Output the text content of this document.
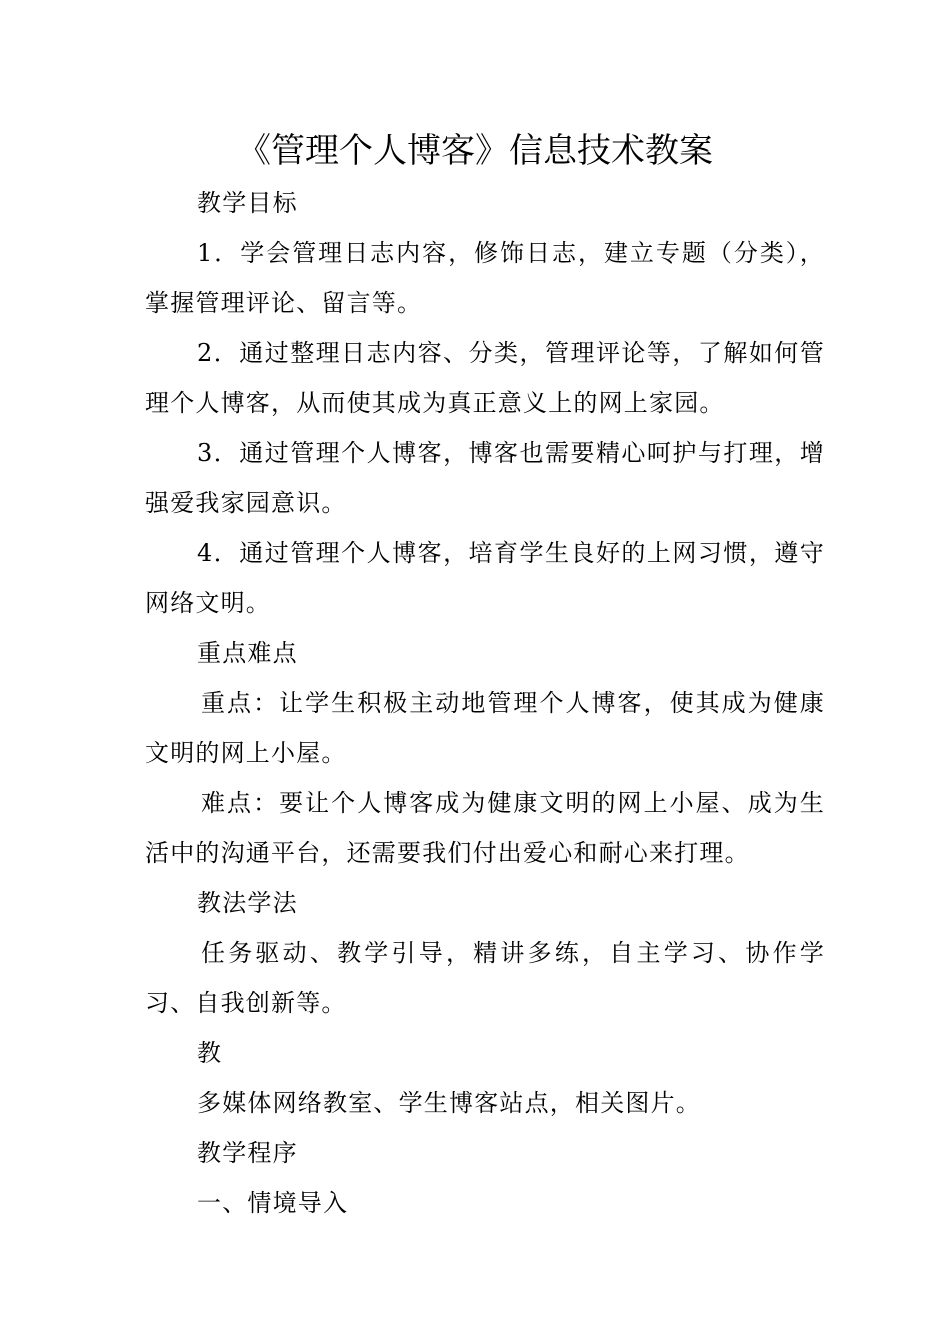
《管理个人博客》信息技术教案

教学目标

1．学会管理日志内容，修饰日志，建立专题（分类），掌握管理评论、留言等。

2．通过整理日志内容、分类，管理评论等，了解如何管理个人博客，从而使其成为真正意义上的网上家园。

3．通过管理个人博客，博客也需要精心呵护与打理，增强爱我家园意识。

4．通过管理个人博客，培育学生良好的上网习惯，遵守网络文明。

重点难点

重点：让学生积极主动地管理个人博客，使其成为健康文明的网上小屋。

难点：要让个人博客成为健康文明的网上小屋、成为生活中的沟通平台，还需要我们付出爱心和耐心来打理。

教法学法

任务驱动、教学引导，精讲多练，自主学习、协作学习、自我创新等。

教

多媒体网络教室、学生博客站点，相关图片。

教学程序

一、情境导入
